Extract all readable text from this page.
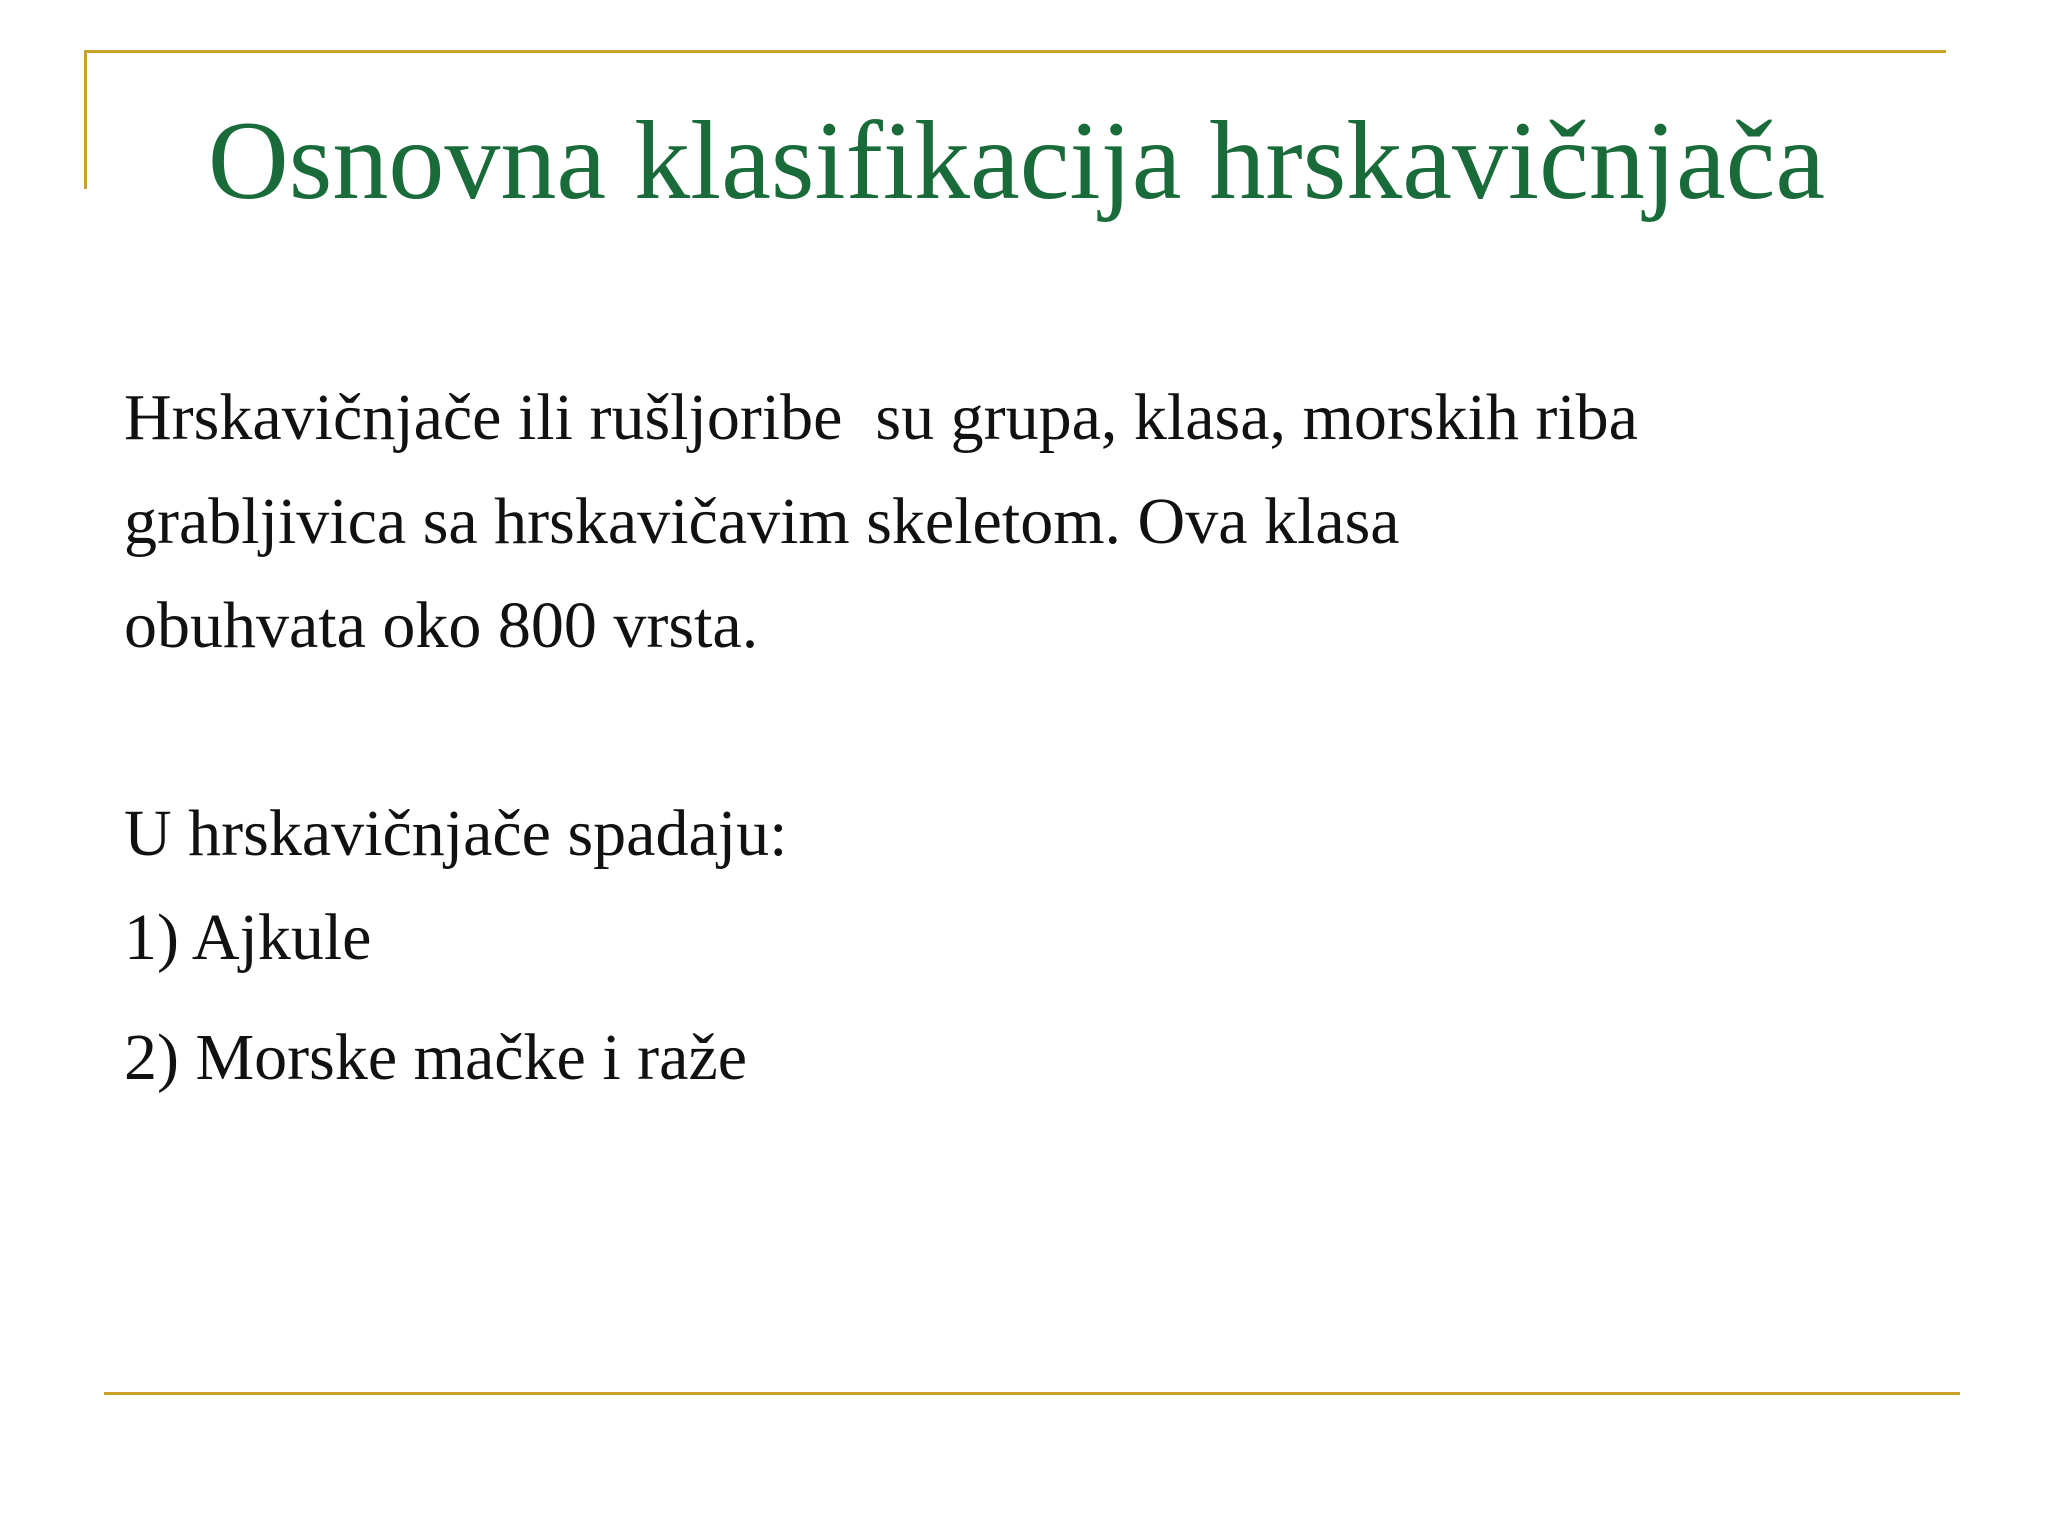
Osnovna klasifikacija hrskavičnjača

Hrskavičnjače ili rušljoribe  su grupa, klasa, morskih riba

grabljivica sa hrskavičavim skeletom. Ova klasa

obuhvata oko 800 vrsta.

U hrskavičnjače spadaju:

1) Ajkule

2) Morske mačke i raže
